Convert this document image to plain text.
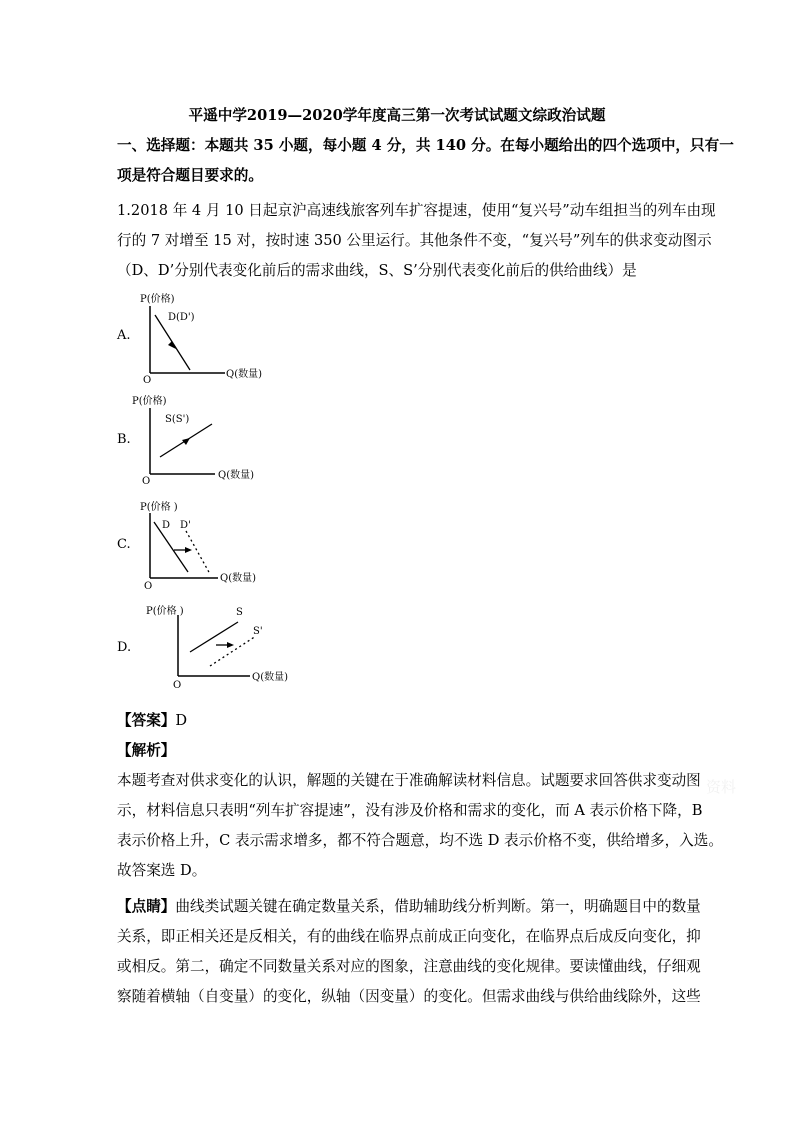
平遥中学2019—2020学年度高三第一次考试试题文综政治试题
一、选择题：本题共 35 小题，每小题 4 分，共 140 分。在每小题给出的四个选项中，只有一
项是符合题目要求的。
1.2018 年 4 月 10 日起京沪高速线旅客列车扩容提速，使用“复兴号”动车组担当的列车由现
行的 7 对增至 15 对，按时速 350 公里运行。其他条件不变，“复兴号”列车的供求变动图示
（D、D’分别代表变化前后的需求曲线，S、S’分别代表变化前后的供给曲线）是
A.
P(价格)
O
Q(数量)
D(D')
B.
P(价格)
O
Q(数量)
S(S')
C.
P(价格 )
O
Q(数量)
D D'
D.
P(价格 )
O
Q(数量)
S
S'
【答案】D
【解析】
本题考查对供求变化的认识，解题的关键在于准确解读材料信息。试题要求回答供求变动图
示，材料信息只表明“列车扩容提速”，没有涉及价格和需求的变化，而 A 表示价格下降，B
表示价格上升，C 表示需求增多，都不符合题意，均不选 D 表示价格不变，供给增多，入选。
故答案选 D。
【点睛】曲线类试题关键在确定数量关系，借助辅助线分析判断。第一，明确题目中的数量
关系，即正相关还是反相关，有的曲线在临界点前成正向变化，在临界点后成反向变化，抑
或相反。第二，确定不同数量关系对应的图象，注意曲线的变化规律。要读懂曲线，仔细观
察随着横轴（自变量）的变化，纵轴（因变量）的变化。但需求曲线与供给曲线除外，这些
资料
